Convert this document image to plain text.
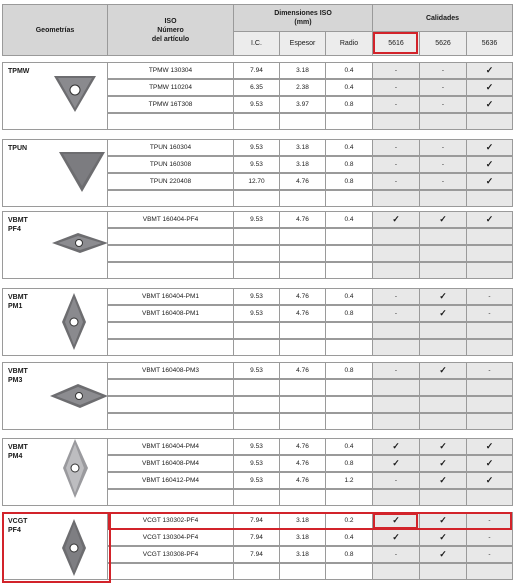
Geometrías
ISO
Número
del artículo
Dimensiones ISO
(mm)
I.C.	Espesor	Radio
Calidades
5616	5626	5636
TPMW	TPMW 130304	7.94	3.18	0.4	-	-	✓
TPMW 110204	6.35	2.38	0.4	-	-	✓
TPMW 16T308	9.53	3.97	0.8	-	-	✓
TPUN	TPUN 160304	9.53	3.18	0.4	-	-	✓
TPUN 160308	9.53	3.18	0.8	-	-	✓
TPUN 220408	12.70	4.76	0.8	-	-	✓
VBMT
PF4
VBMT 160404-PF4	9.53	4.76	0.4	✓	✓	✓
VBMT
PM1
VBMT 160404-PM1	9.53	4.76	0.4	-	✓	-
VBMT 160408-PM1	9.53	4.76	0.8	-	✓	-
VBMT
PM3
VBMT 160408-PM3	9.53	4.76	0.8	-	✓	-
VBMT
PM4
VBMT 160404-PM4	9.53	4.76	0.4	✓	✓	✓
VBMT 160408-PM4	9.53	4.76	0.8	✓	✓	✓
VBMT 160412-PM4	9.53	4.76	1.2	-	✓	✓
VCGT
PF4
VCGT 130302-PF4	7.94	3.18	0.2	✓	✓	-
VCGT 130304-PF4	7.94	3.18	0.4	✓	✓	-
VCGT 130308-PF4	7.94	3.18	0.8	-	✓	-
